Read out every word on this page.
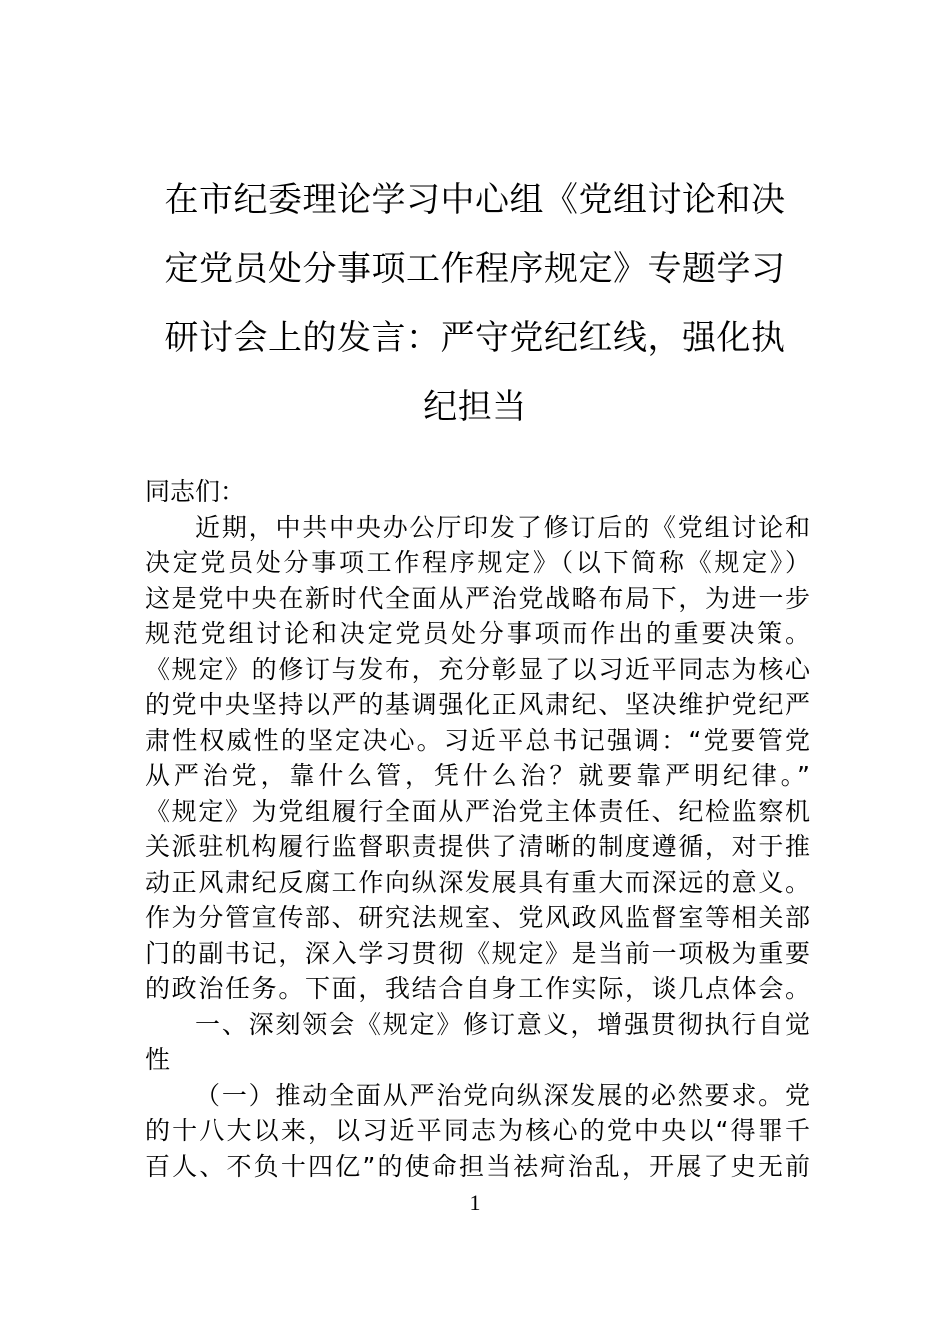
在市纪委理论学习中心组《党组讨论和决
定党员处分事项工作程序规定》专题学习
研讨会上的发言：严守党纪红线，强化执
纪担当
同志们：
近期，中共中央办公厅印发了修订后的《党组讨论和
决定党员处分事项工作程序规定》（以下简称《规定》）
这是党中央在新时代全面从严治党战略布局下，为进一步
规范党组讨论和决定党员处分事项而作出的重要决策。
《规定》的修订与发布，充分彰显了以习近平同志为核心
的党中央坚持以严的基调强化正风肃纪、坚决维护党纪严
肃性权威性的坚定决心。习近平总书记强调：“党要管党
从严治党，靠什么管，凭什么治？就要靠严明纪律。”
《规定》为党组履行全面从严治党主体责任、纪检监察机
关派驻机构履行监督职责提供了清晰的制度遵循，对于推
动正风肃纪反腐工作向纵深发展具有重大而深远的意义。
作为分管宣传部、研究法规室、党风政风监督室等相关部
门的副书记，深入学习贯彻《规定》是当前一项极为重要
的政治任务。下面，我结合自身工作实际，谈几点体会。
一、深刻领会《规定》修订意义，增强贯彻执行自觉
性
（一）推动全面从严治党向纵深发展的必然要求。党
的十八大以来，以习近平同志为核心的党中央以“得罪千
百人、不负十四亿”的使命担当祛疴治乱，开展了史无前
1
